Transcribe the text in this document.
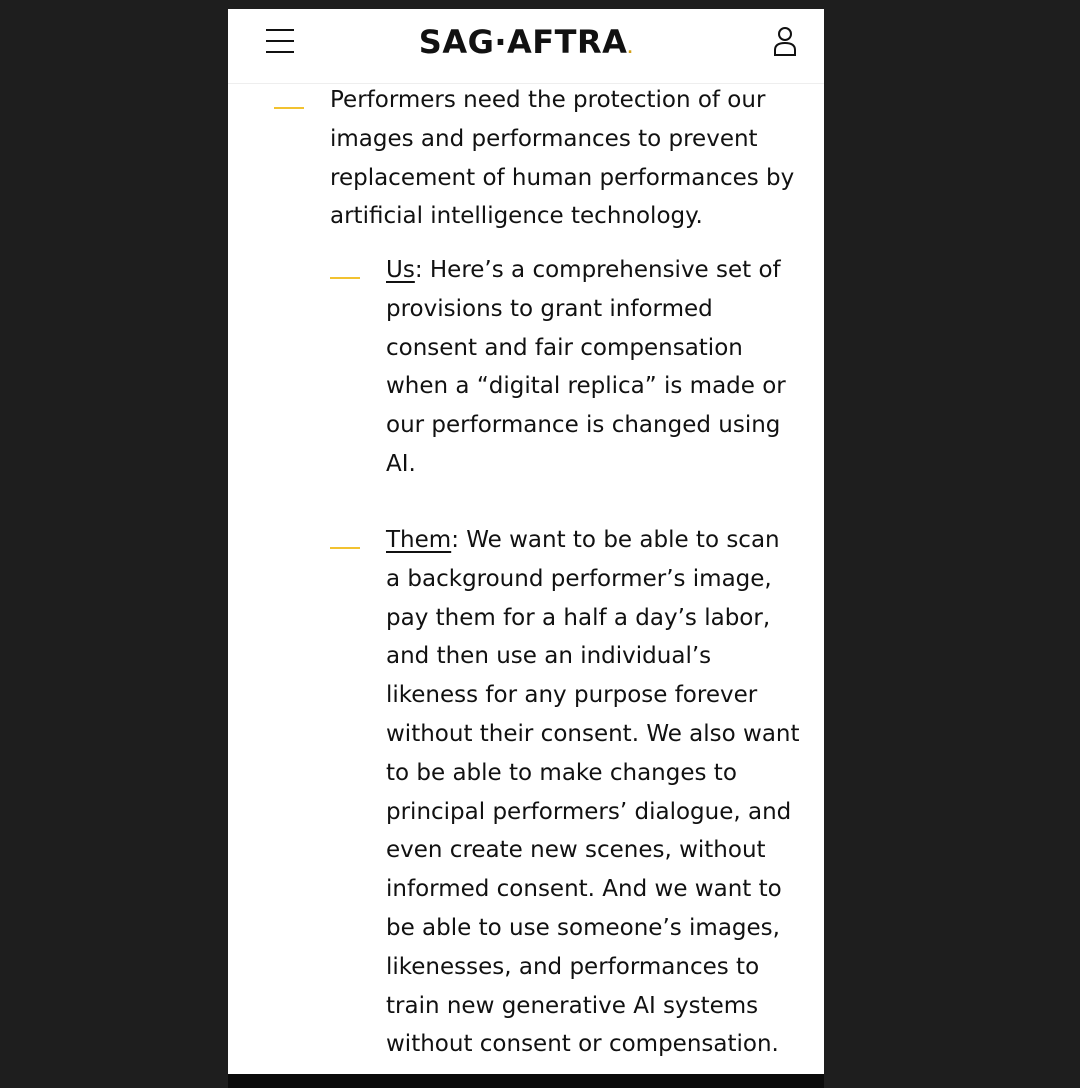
SAG·AFTRA.

Performers need the protection of our images and performances to prevent replacement of human performances by artificial intelligence technology.

Us: Here’s a comprehensive set of provisions to grant informed consent and fair compensation when a “digital replica” is made or our performance is changed using AI.

Them: We want to be able to scan a background performer’s image, pay them for a half a day’s labor, and then use an individual’s likeness for any purpose forever without their consent. We also want to be able to make changes to principal performers’ dialogue, and even create new scenes, without informed consent. And we want to be able to use someone’s images, likenesses, and performances to train new generative AI systems without consent or compensation.
